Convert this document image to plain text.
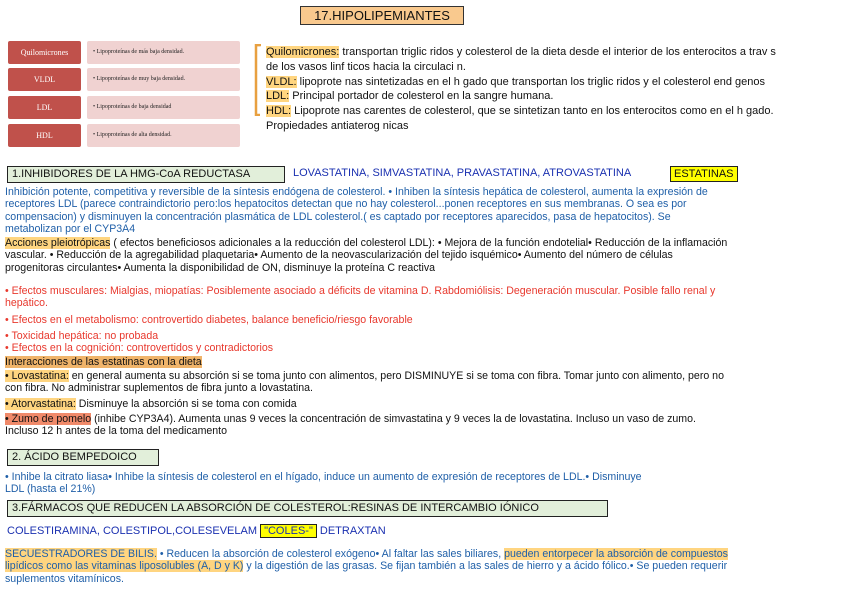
17.HIPOLIPEMIANTES
Quilomicrones	• Lipoproteínas de más baja densidad.
VLDL	• Lipoproteínas de muy baja densidad.
LDL	• Lipoproteínas de baja densidad
HDL	• Lipoproteínas de alta densidad.
Quilomicrones: transportan triglic ridos y colesterol de la dieta desde el interior de los enterocitos a trav s
de los vasos linf ticos hacia la circulaci n.
VLDL: lipoprote nas sintetizadas en el h gado que transportan los triglic ridos y el colesterol end genos
LDL: Principal portador de colesterol en la sangre humana.
HDL: Lipoprote nas carentes de colesterol, que se sintetizan tanto en los enterocitos como en el h gado.
Propiedades antiaterog nicas
1.INHIBIDORES DE LA HMG-CoA REDUCTASA	LOVASTATINA, SIMVASTATINA, PRAVASTATINA, ATROVASTATINA	ESTATINAS
Inhibición potente, competitiva y reversible de la síntesis endógena de colesterol. • Inhiben la síntesis hepática de colesterol, aumenta la expresión de
receptores LDL (parece contraindictorio pero:los hepatocitos detectan que no hay colesterol...ponen receptores en sus membranas. O sea es por
compensacion) y disminuyen la concentración plasmática de LDL colesterol.( es captado por receptores aparecidos, pasa de hepatocitos). Se
metabolizan por el CYP3A4
Acciones pleiotrópicas ( efectos beneficiosos adicionales a la reducción del colesterol LDL): • Mejora de la función endotelial• Reducción de la inflamación
vascular. • Reducción de la agregabilidad plaquetaria• Aumento de la neovascularización del tejido isquémico• Aumento del número de células
progenitoras circulantes• Aumenta la disponibilidad de ON, disminuye la proteína C reactiva
• Efectos musculares: Mialgias, miopatías: Posiblemente asociado a déficits de vitamina D. Rabdomiólisis: Degeneración muscular. Posible fallo renal y
hepático.
• Efectos en el metabolismo: controvertido diabetes, balance beneficio/riesgo favorable
• Toxicidad hepática: no probada
• Efectos en la cognición: controvertidos y contradictorios
Interacciones de las estatinas con la dieta
• Lovastatina: en general aumenta su absorción si se toma junto con alimentos, pero DISMINUYE si se toma con fibra. Tomar junto con alimento, pero no
con fibra. No administrar suplementos de fibra junto a lovastatina.
• Atorvastatina: Disminuye la absorción si se toma con comida
• Zumo de pomelo (inhibe CYP3A4). Aumenta unas 9 veces la concentración de simvastatina y 9 veces la de lovastatina. Incluso un vaso de zumo.
Incluso 12 h antes de la toma del medicamento
2. ÁCIDO BEMPEDOICO
• Inhibe la citrato liasa• Inhibe la síntesis de colesterol en el hígado, induce un aumento de expresión de receptores de LDL.• Disminuye
LDL (hasta el 21%)
3.FÁRMACOS QUE REDUCEN LA ABSORCIÓN DE COLESTEROL:RESINAS DE INTERCAMBIO IÓNICO
COLESTIRAMINA, COLESTIPOL,COLESEVELAM "COLES-" DETRAXTAN
SECUESTRADORES DE BILIS. • Reducen la absorción de colesterol exógeno• Al faltar las sales biliares, pueden entorpecer la absorción de compuestos
lipídicos como las vitaminas liposolubles (A, D y K) y la digestión de las grasas. Se fijan también a las sales de hierro y a ácido fólico.• Se pueden requerir
suplementos vitamínicos.
